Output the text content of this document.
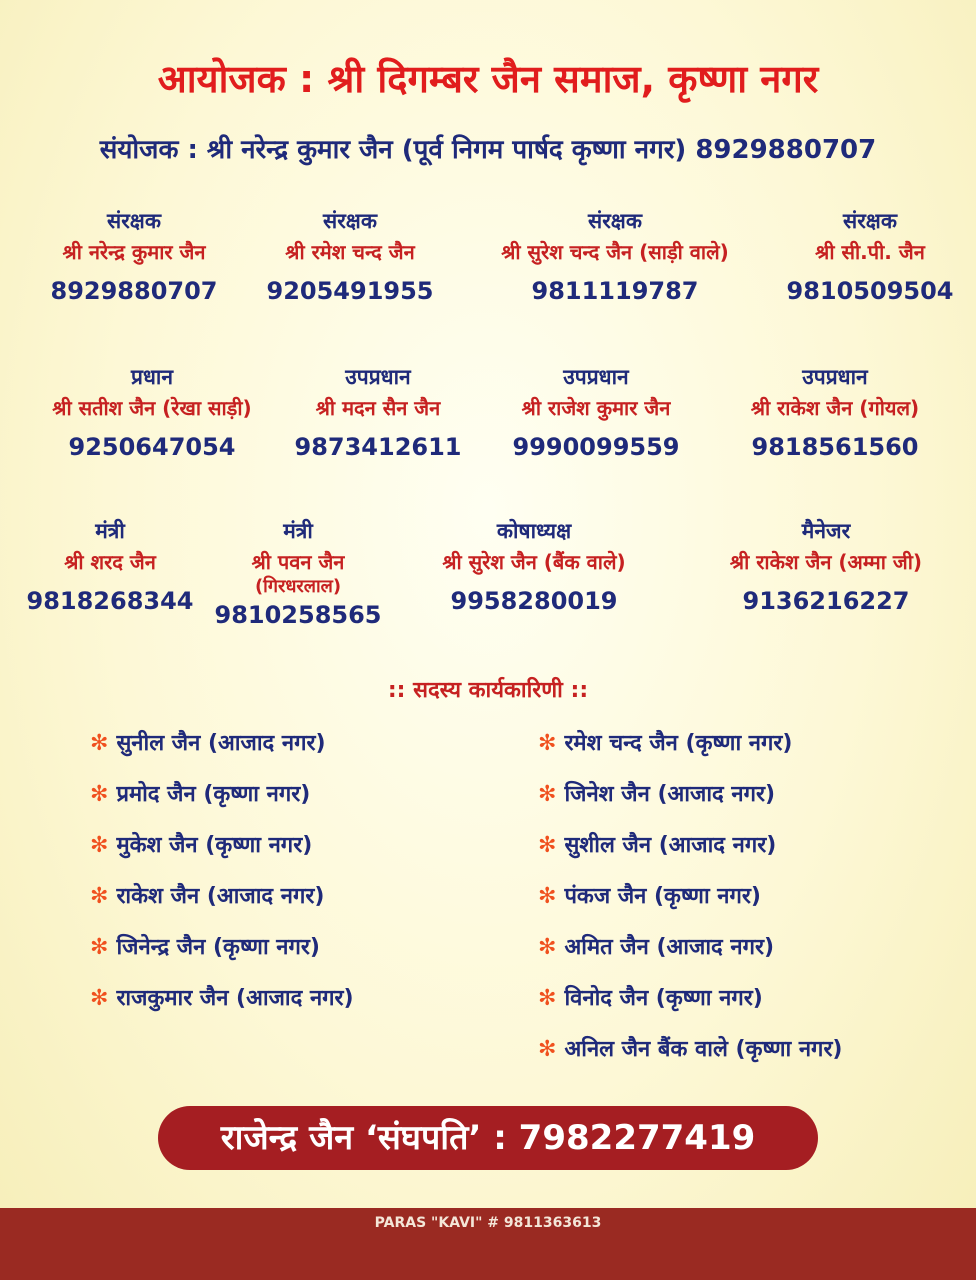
आयोजक : श्री दिगम्बर जैन समाज, कृष्णा नगर
संयोजक : श्री नरेन्द्र कुमार जैन (पूर्व निगम पार्षद कृष्णा नगर) 8929880707
संरक्षक
श्री नरेन्द्र कुमार जैन
8929880707
संरक्षक
श्री रमेश चन्द जैन
9205491955
संरक्षक
श्री सुरेश चन्द जैन (साड़ी वाले)
9811119787
संरक्षक
श्री सी.पी. जैन
9810509504
प्रधान
श्री सतीश जैन (रेखा साड़ी)
9250647054
उपप्रधान
श्री मदन सैन जैन
9873412611
उपप्रधान
श्री राजेश कुमार जैन
9990099559
उपप्रधान
श्री राकेश जैन (गोयल)
9818561560
मंत्री
श्री शरद जैन
9818268344
मंत्री
श्री पवन जैन
(गिरधरलाल)
9810258565
कोषाध्यक्ष
श्री सुरेश जैन (बैंक वाले)
9958280019
मैनेजर
श्री राकेश जैन (अम्मा जी)
9136216227
:: सदस्य कार्यकारिणी ::
✻ सुनील जैन (आजाद नगर)
✻ प्रमोद जैन (कृष्णा नगर)
✻ मुकेश जैन (कृष्णा नगर)
✻ राकेश जैन (आजाद नगर)
✻ जिनेन्द्र जैन (कृष्णा नगर)
✻ राजकुमार जैन (आजाद नगर)
✻ रमेश चन्द जैन (कृष्णा नगर)
✻ जिनेश जैन (आजाद नगर)
✻ सुशील जैन (आजाद नगर)
✻ पंकज जैन (कृष्णा नगर)
✻ अमित जैन (आजाद नगर)
✻ विनोद जैन (कृष्णा नगर)
✻ अनिल जैन बैंक वाले (कृष्णा नगर)
राजेन्द्र जैन ‘संघपति’ : 7982277419
PARAS "KAVI" # 9811363613
